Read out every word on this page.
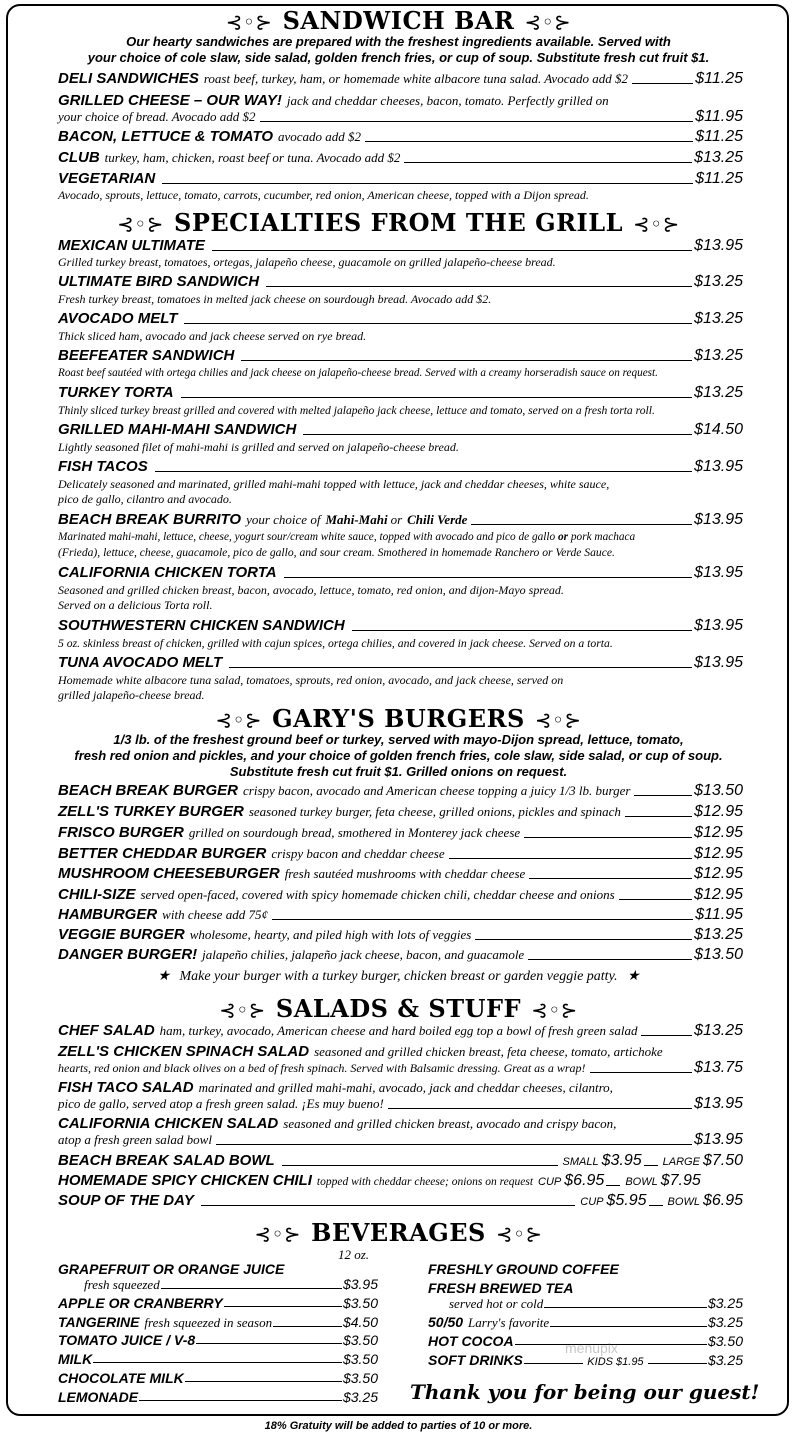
⊰◦⊱ SANDWICH BAR ⊰◦⊱
Our hearty sandwiches are prepared with the freshest ingredients available. Served with
your choice of cole slaw, side salad, golden french fries, or cup of soup. Substitute fresh cut fruit $1.
DELI SANDWICHES roast beef, turkey, ham, or homemade white albacore tuna salad. Avocado add $2	$11.25
GRILLED CHEESE – OUR WAY! jack and cheddar cheeses, bacon, tomato. Perfectly grilled on
your choice of bread. Avocado add $2	$11.95
BACON, LETTUCE & TOMATO avocado add $2	$11.25
CLUB turkey, ham, chicken, roast beef or tuna. Avocado add $2	$13.25
VEGETARIAN	$11.25
Avocado, sprouts, lettuce, tomato, carrots, cucumber, red onion, American cheese, topped with a Dijon spread.
⊰◦⊱ SPECIALTIES FROM THE GRILL ⊰◦⊱
MEXICAN ULTIMATE	$13.95
Grilled turkey breast, tomatoes, ortegas, jalapeño cheese, guacamole on grilled jalapeño-cheese bread.
ULTIMATE BIRD SANDWICH	$13.25
Fresh turkey breast, tomatoes in melted jack cheese on sourdough bread. Avocado add $2.
AVOCADO MELT	$13.25
Thick sliced ham, avocado and jack cheese served on rye bread.
BEEFEATER SANDWICH	$13.25
Roast beef sautéed with ortega chilies and jack cheese on jalapeño-cheese bread. Served with a creamy horseradish sauce on request.
TURKEY TORTA	$13.25
Thinly sliced turkey breast grilled and covered with melted jalapeño jack cheese, lettuce and tomato, served on a fresh torta roll.
GRILLED MAHI-MAHI SANDWICH	$14.50
Lightly seasoned filet of mahi-mahi is grilled and served on jalapeño-cheese bread.
FISH TACOS	$13.95
Delicately seasoned and marinated, grilled mahi-mahi topped with lettuce, jack and cheddar cheeses, white sauce,
pico de gallo, cilantro and avocado.
BEACH BREAK BURRITO your choice of Mahi-Mahi or Chili Verde	$13.95
Marinated mahi-mahi, lettuce, cheese, yogurt sour/cream white sauce, topped with avocado and pico de gallo or pork machaca
(Frieda), lettuce, cheese, guacamole, pico de gallo, and sour cream. Smothered in homemade Ranchero or Verde Sauce.
CALIFORNIA CHICKEN TORTA	$13.95
Seasoned and grilled chicken breast, bacon, avocado, lettuce, tomato, red onion, and dijon-Mayo spread.
Served on a delicious Torta roll.
SOUTHWESTERN CHICKEN SANDWICH	$13.95
5 oz. skinless breast of chicken, grilled with cajun spices, ortega chilies, and covered in jack cheese. Served on a torta.
TUNA AVOCADO MELT	$13.95
Homemade white albacore tuna salad, tomatoes, sprouts, red onion, avocado, and jack cheese, served on
grilled jalapeño-cheese bread.
⊰◦⊱ GARY'S BURGERS ⊰◦⊱
1/3 lb. of the freshest ground beef or turkey, served with mayo-Dijon spread, lettuce, tomato,
fresh red onion and pickles, and your choice of golden french fries, cole slaw, side salad, or cup of soup.
Substitute fresh cut fruit $1. Grilled onions on request.
BEACH BREAK BURGER crispy bacon, avocado and American cheese topping a juicy 1/3 lb. burger	$13.50
ZELL'S TURKEY BURGER seasoned turkey burger, feta cheese, grilled onions, pickles and spinach	$12.95
FRISCO BURGER grilled on sourdough bread, smothered in Monterey jack cheese	$12.95
BETTER CHEDDAR BURGER crispy bacon and cheddar cheese	$12.95
MUSHROOM CHEESEBURGER fresh sautéed mushrooms with cheddar cheese	$12.95
CHILI-SIZE served open-faced, covered with spicy homemade chicken chili, cheddar cheese and onions	$12.95
HAMBURGER with cheese add 75¢	$11.95
VEGGIE BURGER wholesome, hearty, and piled high with lots of veggies	$13.25
DANGER BURGER! jalapeño chilies, jalapeño jack cheese, bacon, and guacamole	$13.50
★ Make your burger with a turkey burger, chicken breast or garden veggie patty. ★
⊰◦⊱ SALADS & STUFF ⊰◦⊱
CHEF SALAD ham, turkey, avocado, American cheese and hard boiled egg top a bowl of fresh green salad	$13.25
ZELL'S CHICKEN SPINACH SALAD seasoned and grilled chicken breast, feta cheese, tomato, artichoke
hearts, red onion and black olives on a bed of fresh spinach. Served with Balsamic dressing. Great as a wrap!	$13.75
FISH TACO SALAD marinated and grilled mahi-mahi, avocado, jack and cheddar cheeses, cilantro,
pico de gallo, served atop a fresh green salad. ¡Es muy bueno!	$13.95
CALIFORNIA CHICKEN SALAD seasoned and grilled chicken breast, avocado and crispy bacon,
atop a fresh green salad bowl	$13.95
BEACH BREAK SALAD BOWL	SMALL $3.95 LARGE $7.50
HOMEMADE SPICY CHICKEN CHILI topped with cheddar cheese; onions on request CUP $6.95 BOWL $7.95
SOUP OF THE DAY	CUP $5.95 BOWL $6.95
⊰◦⊱ BEVERAGES ⊰◦⊱
12 oz.
GRAPEFRUIT OR ORANGE JUICE
fresh squeezed	$3.95
APPLE OR CRANBERRY	$3.50
TANGERINE fresh squeezed in season	$4.50
TOMATO JUICE / V-8	$3.50
MILK	$3.50
CHOCOLATE MILK	$3.50
LEMONADE	$3.25
FRESHLY GROUND COFFEE
FRESH BREWED TEA
served hot or cold	$3.25
50/50 Larry's favorite	$3.25
HOT COCOA	$3.50
SOFT DRINKS	KIDS $1.95	$3.25
menupix
Thank you for being our guest!
18% Gratuity will be added to parties of 10 or more.
